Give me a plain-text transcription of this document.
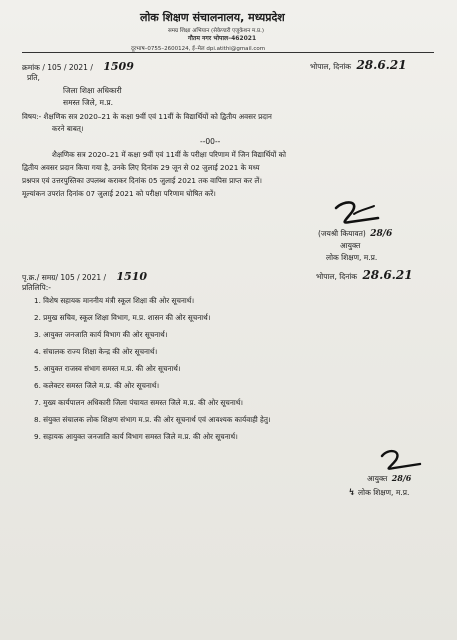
लोक शिक्षण संचालनालय, मध्यप्रदेश
समग्र शिक्षा अभियान (सेकेण्डरी एजुकेशन म.प्र.)
गौतम नगर भोपाल–462021
दूरभाष–0755–2600124, ई–मेल dpi.atithi@gmail.com
क्रमांक / 105 / 2021 / 1509	भोपाल, दिनांक 28.6.21
प्रति,
जिला शिक्षा अधिकारी
समस्त जिले, म.प्र.
विषय:- शैक्षणिक सत्र 2020–21 के कक्षा 9वीं एवं 11वीं के विद्यार्थियों को द्वितीय अवसर प्रदान
करने बाबत्।
--00--
शैक्षणिक सत्र 2020–21 में कक्षा 9वीं एवं 11वीं के परीक्षा परिणाम में जिन विद्यार्थियों को
द्वितीय अवसर प्रदान किया गया है, उनके लिए दिनांक 29 जून से 02 जुलाई 2021 के मध्य
प्रश्नपत्र एवं उत्तरपुस्तिका उपलब्ध कराकर दिनांक 05 जुलाई 2021 तक वापिस प्राप्त कर लें।
मूल्यांकन उपरांत दिनांक 07 जुलाई 2021 को परीक्षा परिणाम घोषित करें।
(जयश्री कियावत) 28/6
आयुक्त
लोक शिक्षण, म.प्र.
पृ.क्र./ समग्र/ 105 / 2021 / 1510	भोपाल, दिनांक 28.6.21
प्रतिलिपि:-
1. विशेष सहायक माननीय मंत्री स्कूल शिक्षा की ओर सूचनार्थ।
2. प्रमुख सचिव, स्कूल शिक्षा विभाग, म.प्र. शासन की ओर सूचनार्थ।
3. आयुक्त जनजाति कार्य विभाग की ओर सूचनार्थ।
4. संचालक राज्य शिक्षा केन्द्र की ओर सूचनार्थ।
5. आयुक्त राजस्व संभाग समस्त म.प्र. की ओर सूचनार्थ।
6. कलेक्टर समस्त जिले म.प्र. की ओर सूचनार्थ।
7. मुख्य कार्यपालन अधिकारी जिला पंचायत समस्त जिले म.प्र. की ओर सूचनार्थ।
8. संयुक्त संचालक लोक शिक्षण संभाग म.प्र. की ओर सूचनार्थ एवं आवश्यक कार्यवाही हेतु।
9. सहायक आयुक्त जनजाति कार्य विभाग समस्त जिले म.प्र. की ओर सूचनार्थ।
आयुक्त 28/6
↯ लोक शिक्षण, म.प्र.
